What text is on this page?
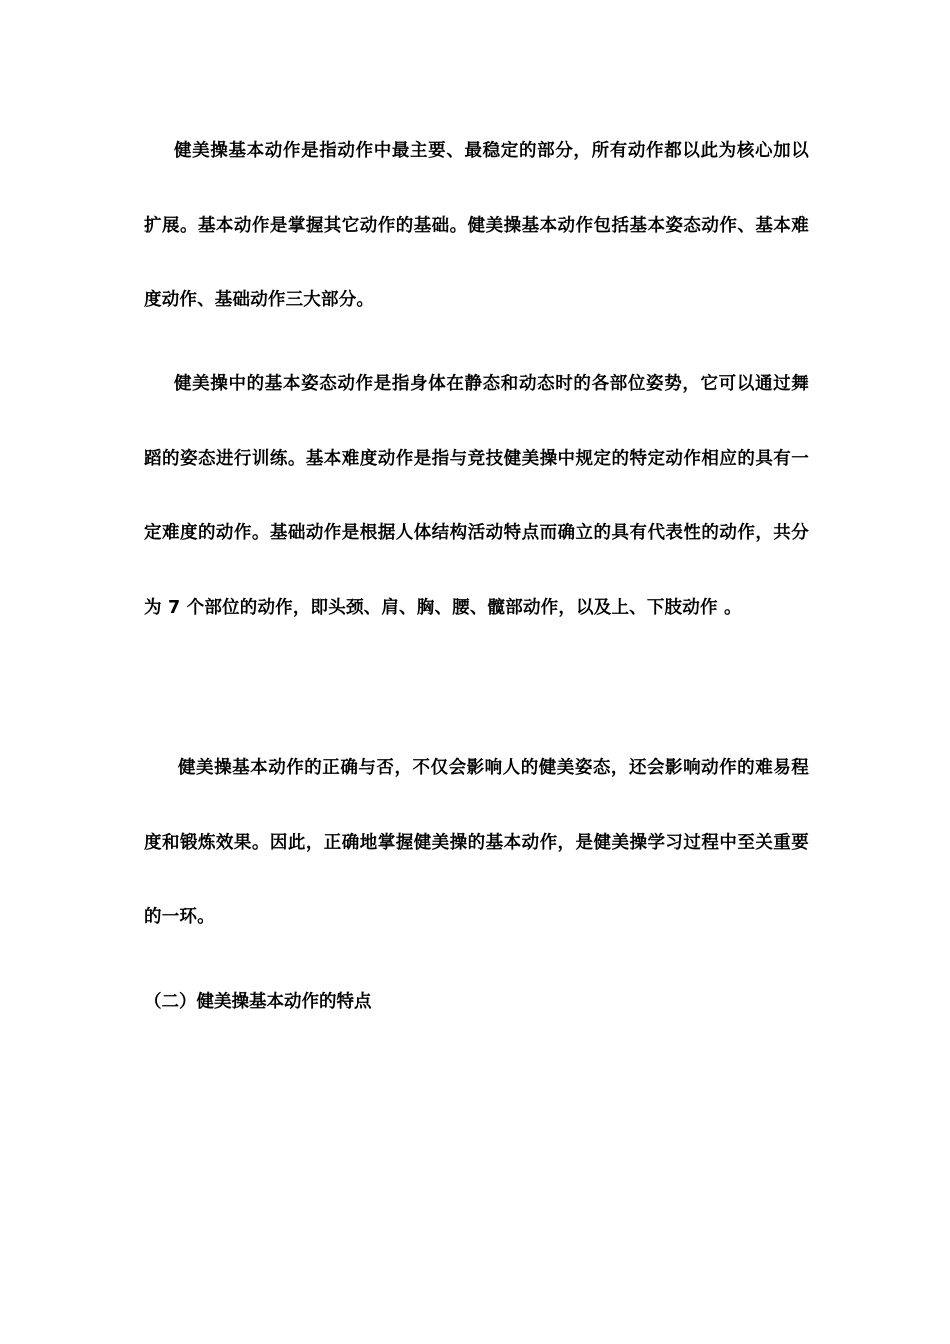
健美操基本动作是指动作中最主要、最稳定的部分，所有动作都以此为核心加以扩展。基本动作是掌握其它动作的基础。健美操基本动作包括基本姿态动作、基本难度动作、基础动作三大部分。

健美操中的基本姿态动作是指身体在静态和动态时的各部位姿势，它可以通过舞蹈的姿态进行训练。基本难度动作是指与竞技健美操中规定的特定动作相应的具有一定难度的动作。基础动作是根据人体结构活动特点而确立的具有代表性的动作，共分为 7 个部位的动作，即头颈、肩、胸、腰、髋部动作，以及上、下肢动作 。

健美操基本动作的正确与否，不仅会影响人的健美姿态，还会影响动作的难易程度和锻炼效果。因此，正确地掌握健美操的基本动作，是健美操学习过程中至关重要的一环。

（二）健美操基本动作的特点
